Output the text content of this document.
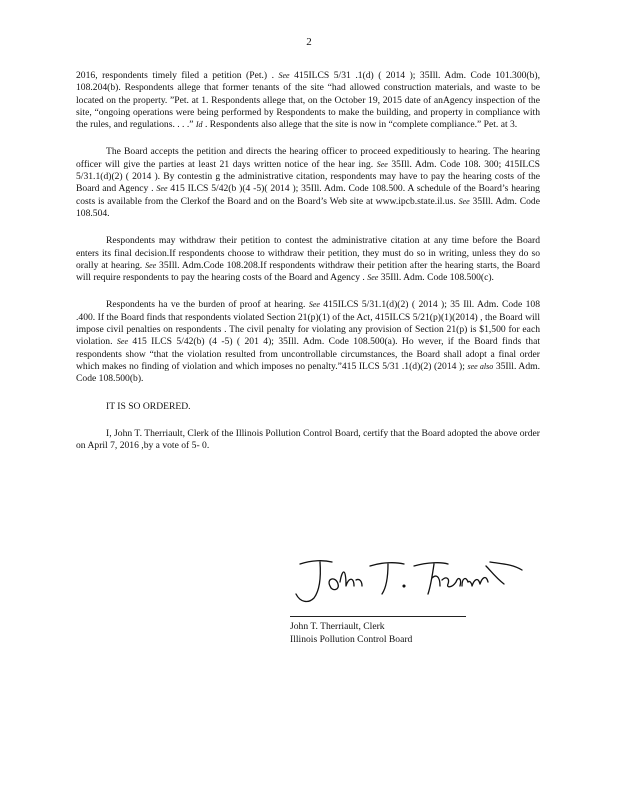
2

2016, respondents timely filed a petition (Pet.) . See 415ILCS 5/31 .1(d) ( 2014 ); 35Ill. Adm. Code 101.300(b), 108.204(b). Respondents allege that former tenants of the site “had allowed construction materials, and waste to be located on the property. ”Pet. at 1. Respondents allege that, on the October 19, 2015 date of anAgency inspection of the site, “ongoing operations were being performed by Respondents to make the building, and property in compliance with the rules, and regulations. . . .” Id . Respondents also allege that the site is now in “complete compliance.” Pet. at 3.

The Board accepts the petition and directs the hearing officer to proceed expeditiously to hearing. The hearing officer will give the parties at least 21 days written notice of the hear ing. See 35Ill. Adm. Code 108. 300; 415ILCS 5/31.1(d)(2) ( 2014 ). By contestin g the administrative citation, respondents may have to pay the hearing costs of the Board and Agency . See 415 ILCS 5/42(b )(4 -5)( 2014 ); 35Ill. Adm. Code 108.500. A schedule of the Board’s hearing costs is available from the Clerkof the Board and on the Board’s Web site at www.ipcb.state.il.us. See 35Ill. Adm. Code 108.504.

Respondents may withdraw their petition to contest the administrative citation at any time before the Board enters its final decision.If respondents choose to withdraw their petition, they must do so in writing, unless they do so orally at hearing. See 35Ill. Adm.Code 108.208.If respondents withdraw their petition after the hearing starts, the Board will require respondents to pay the hearing costs of the Board and Agency . See 35Ill. Adm. Code 108.500(c).

Respondents ha ve the burden of proof at hearing. See 415ILCS 5/31.1(d)(2) ( 2014 ); 35 Ill. Adm. Code 108 .400. If the Board finds that respondents violated Section 21(p)(1) of the Act, 415ILCS 5/21(p)(1)(2014) , the Board will impose civil penalties on respondents . The civil penalty for violating any provision of Section 21(p) is $1,500 for each violation. See 415 ILCS 5/42(b) (4 -5) ( 201 4); 35Ill. Adm. Code 108.500(a). Ho wever, if the Board finds that respondents show “that the violation resulted from uncontrollable circumstances, the Board shall adopt a final order which makes no finding of violation and which imposes no penalty.”415 ILCS 5/31 .1(d)(2) (2014 ); see also 35Ill. Adm. Code 108.500(b).

IT IS SO ORDERED.

I, John T. Therriault, Clerk of the Illinois Pollution Control Board, certify that the Board adopted the above order on April 7, 2016 ,by a vote of 5- 0.

John T. Therriault, Clerk
Illinois Pollution Control Board
